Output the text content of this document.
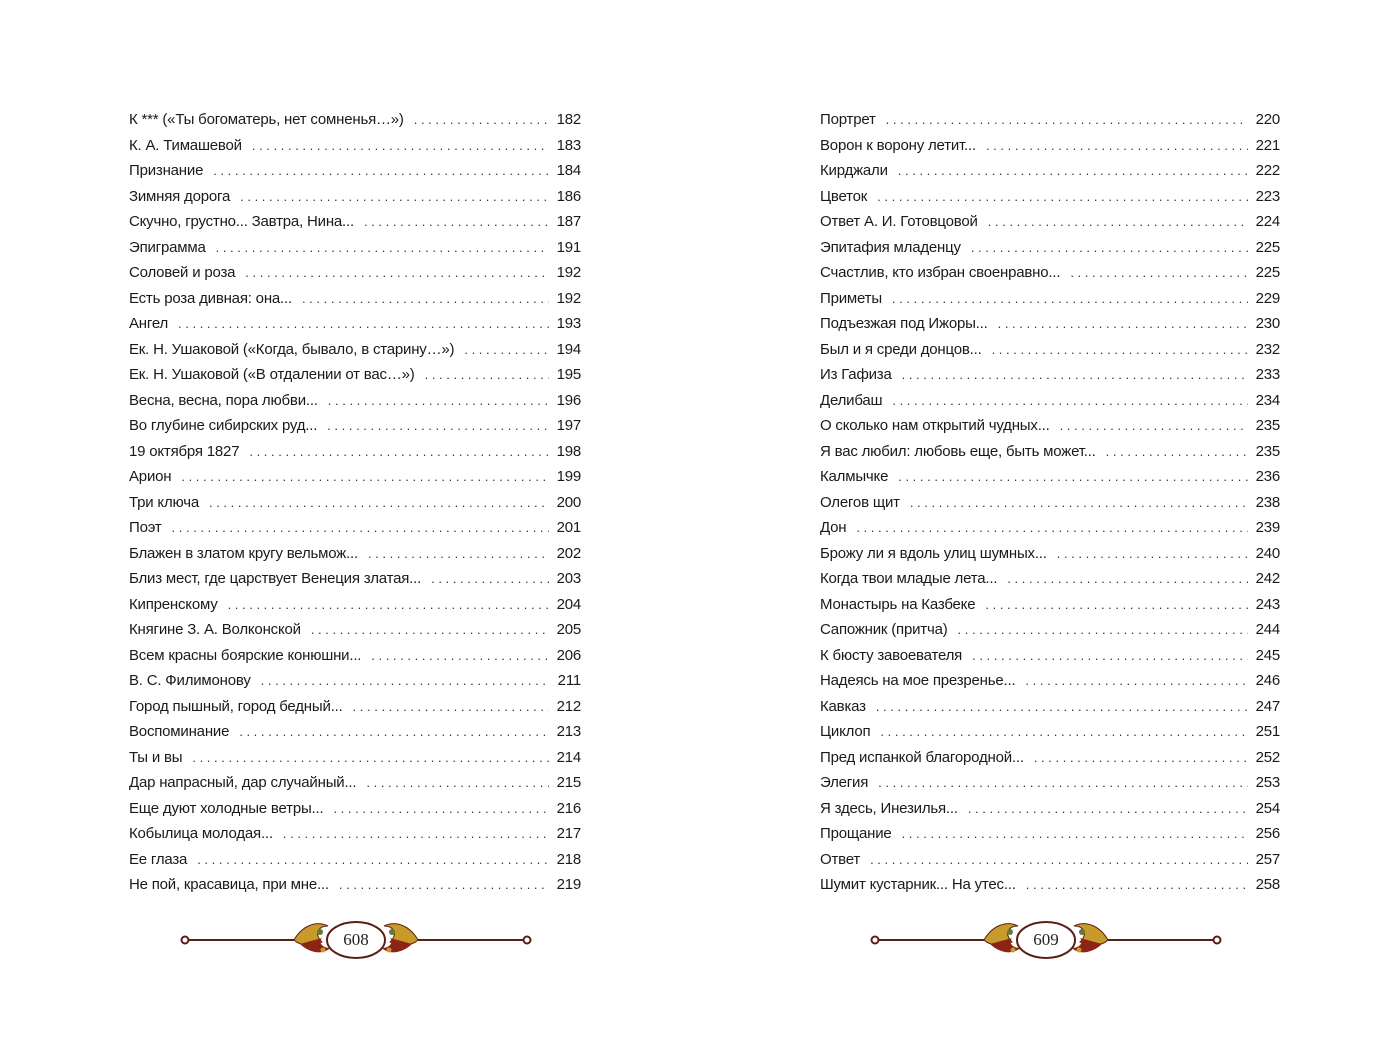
К *** («Ты богоматерь, нет сомненья…») . . .	182
К. А. Тимашевой . . .	183
Признание . . .	184
Зимняя дорога . . .	186
Скучно, грустно... Завтра, Нина... . . .	187
Эпиграмма . . .	191
Соловей и роза . . .	192
Есть роза дивная: она... . . .	192
Ангел . . .	193
Ек. Н. Ушаковой («Когда, бывало, в старину…») . . .	194
Ек. Н. Ушаковой («В отдалении от вас…») . . .	195
Весна, весна, пора любви... . . .	196
Во глубине сибирских руд... . . .	197
19 октября 1827 . . .	198
Арион . . .	199
Три ключа . . .	200
Поэт . . .	201
Блажен в златом кругу вельмож... . . .	202
Близ мест, где царствует Венеция златая... . . .	203
Кипренскому . . .	204
Княгине З. А. Волконской . . .	205
Всем красны боярские конюшни... . . .	206
В. С. Филимонову . . .	211
Город пышный, город бедный... . . .	212
Воспоминание . . .	213
Ты и вы . . .	214
Дар напрасный, дар случайный... . . .	215
Еще дуют холодные ветры... . . .	216
Кобылица молодая... . . .	217
Ее глаза . . .	218
Не пой, красавица, при мне... . . .	219
608
Портрет . . .	220
Ворон к ворону летит... . . .	221
Кирджали . . .	222
Цветок . . .	223
Ответ А. И. Готовцовой . . .	224
Эпитафия младенцу . . .	225
Счастлив, кто избран своенравно... . . .	225
Приметы . . .	229
Подъезжая под Ижоры... . . .	230
Был и я среди донцов... . . .	232
Из Гафиза . . .	233
Делибаш . . .	234
О сколько нам открытий чудных... . . .	235
Я вас любил: любовь еще, быть может... . . .	235
Калмычке . . .	236
Олегов щит . . .	238
Дон . . .	239
Брожу ли я вдоль улиц шумных... . . .	240
Когда твои младые лета... . . .	242
Монастырь на Казбеке . . .	243
Сапожник (притча) . . .	244
К бюсту завоевателя . . .	245
Надеясь на мое презренье... . . .	246
Кавказ . . .	247
Циклоп . . .	251
Пред испанкой благородной... . . .	252
Элегия . . .	253
Я здесь, Инезилья... . . .	254
Прощание . . .	256
Ответ . . .	257
Шумит кустарник... На утес... . . .	258
609
